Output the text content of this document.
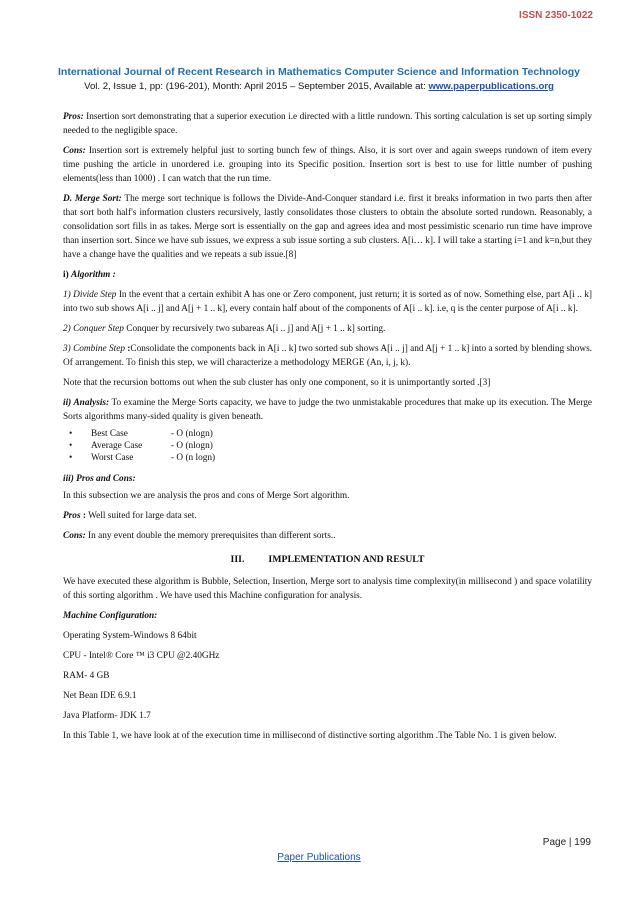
ISSN 2350-1022
International Journal of Recent Research in Mathematics Computer Science and Information Technology
Vol. 2, Issue 1, pp: (196-201), Month: April 2015 – September 2015, Available at: www.paperpublications.org

Pros: Insertion sort demonstrating that a superior execution i.e directed with a little rundown. This sorting calculation is set up sorting simply needed to the negligible space.

Cons: Insertion sort is extremely helpful just to sorting bunch few of things. Also, it is sort over and again sweeps rundown of item every time pushing the article in unordered i.e. grouping into its Specific position. Insertion sort is best to use for little number of pushing elements(less than 1000) . I can watch that the run time.

D. Merge Sort: The merge sort technique is follows the Divide-And-Conquer standard i.e. first it breaks information in two parts then after that sort both half's information clusters recursively, lastly consolidates those clusters to obtain the absolute sorted rundown. Reasonably, a consolidation sort fills in as takes. Merge sort is essentially on the gap and agrees idea and most pessimistic scenario run time have improve than insertion sort. Since we have sub issues, we express a sub issue sorting a sub clusters. A[i… k]. I will take a starting i=1 and k=n,but they have a change have the qualities and we repeats a sub issue.[8]

i) Algorithm :

1) Divide Step In the event that a certain exhibit A has one or Zero component, just return; it is sorted as of now. Something else, part A[i .. k] into two sub shows A[i .. j] and A[j + 1 .. k], every contain half about of the components of A[i .. k]. i.e, q is the center purpose of A[i .. k].

2) Conquer Step Conquer by recursively two subareas A[i .. j] and A[j + 1 .. k] sorting.

3) Combine Step :Consolidate the components back in A[i .. k] two sorted sub shows A[i .. j] and A[j + 1 .. k] into a sorted by blending shows. Of arrangement. To finish this step, we will characterize a methodology MERGE (An, i, j, k).

Note that the recursion bottoms out when the sub cluster has only one component, so it is unimportantly sorted .[3]

ii) Analysis: To examine the Merge Sorts capacity, we have to judge the two unmistakable procedures that make up its execution. The Merge Sorts algorithms many-sided quality is given beneath.

•	Best Case	- O (nlogn)
•	Average Case	- O (nlogn)
•	Worst Case	- O (n logn)

iii) Pros and Cons:

In this subsection we are analysis the pros and cons of Merge Sort algorithm.

Pros : Well suited for large data set.

Cons: In any event double the memory prerequisites than different sorts..

III. IMPLEMENTATION AND RESULT

We have executed these algorithm is Bubble, Selection, Insertion, Merge sort to analysis time complexity(in millisecond ) and space volatility of this sorting algorithm . We have used this Machine configuration for analysis.

Machine Configuration:

Operating System-Windows 8 64bit

CPU - Intel® Core ™ i3 CPU @2.40GHz

RAM- 4 GB

Net Bean IDE 6.9.1

Java Platform- JDK 1.7

In this Table 1, we have look at of the execution time in millisecond of distinctive sorting algorithm .The Table No. 1 is given below.

Page | 199
Paper Publications
